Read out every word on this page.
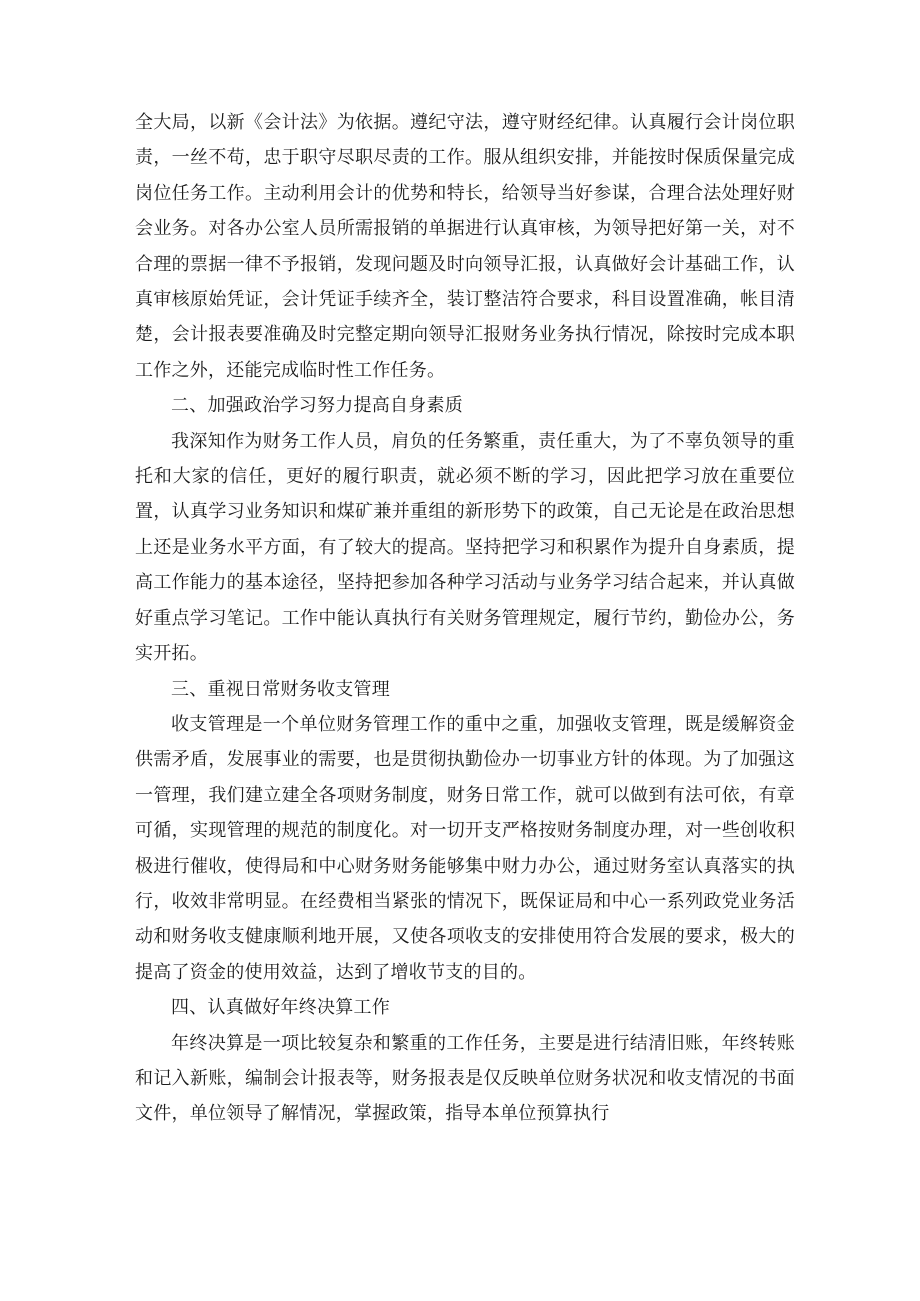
全大局，以新《会计法》为依据。遵纪守法，遵守财经纪律。认真履行会计岗位职责，一丝不苟，忠于职守尽职尽责的工作。服从组织安排，并能按时保质保量完成岗位任务工作。主动利用会计的优势和特长，给领导当好参谋，合理合法处理好财会业务。对各办公室人员所需报销的单据进行认真审核，为领导把好第一关，对不合理的票据一律不予报销，发现问题及时向领导汇报，认真做好会计基础工作，认真审核原始凭证，会计凭证手续齐全，装订整洁符合要求，科目设置准确，帐目清楚，会计报表要准确及时完整定期向领导汇报财务业务执行情况，除按时完成本职工作之外，还能完成临时性工作任务。

二、加强政治学习努力提高自身素质

我深知作为财务工作人员，肩负的任务繁重，责任重大，为了不辜负领导的重托和大家的信任，更好的履行职责，就必须不断的学习，因此把学习放在重要位置，认真学习业务知识和煤矿兼并重组的新形势下的政策，自己无论是在政治思想上还是业务水平方面，有了较大的提高。坚持把学习和积累作为提升自身素质，提高工作能力的基本途径，坚持把参加各种学习活动与业务学习结合起来，并认真做好重点学习笔记。工作中能认真执行有关财务管理规定，履行节约，勤俭办公，务实开拓。

三、重视日常财务收支管理

收支管理是一个单位财务管理工作的重中之重，加强收支管理，既是缓解资金供需矛盾，发展事业的需要，也是贯彻执勤俭办一切事业方针的体现。为了加强这一管理，我们建立建全各项财务制度，财务日常工作，就可以做到有法可依，有章可循，实现管理的规范的制度化。对一切开支严格按财务制度办理，对一些创收积极进行催收，使得局和中心财务财务能够集中财力办公，通过财务室认真落实的执行，收效非常明显。在经费相当紧张的情况下，既保证局和中心一系列政党业务活动和财务收支健康顺利地开展，又使各项收支的安排使用符合发展的要求，极大的提高了资金的使用效益，达到了增收节支的目的。

四、认真做好年终决算工作

年终决算是一项比较复杂和繁重的工作任务，主要是进行结清旧账，年终转账和记入新账，编制会计报表等，财务报表是仅反映单位财务状况和收支情况的书面文件，单位领导了解情况，掌握政策，指导本单位预算执行
